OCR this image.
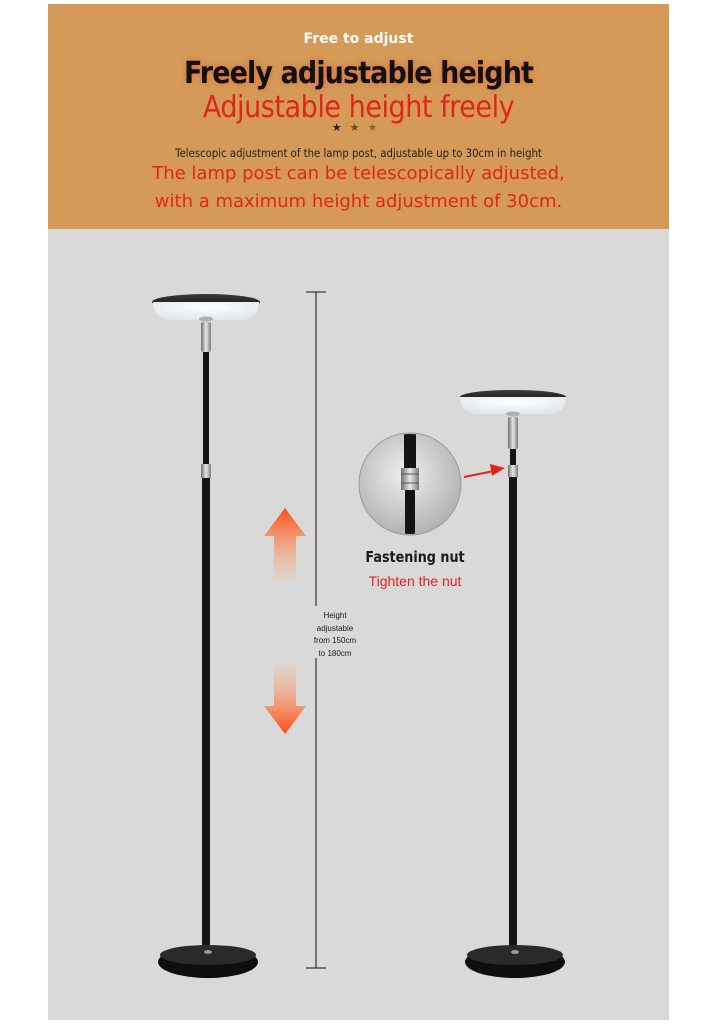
Free to adjust
Freely adjustable height
Adjustable height freely
★★★
Telescopic adjustment of the lamp post, adjustable up to 30cm in height
The lamp post can be telescopically adjusted,
with a maximum height adjustment of 30cm.
Height adjustable from 150cm to 180cm
Fastening nut
Tighten the nut
